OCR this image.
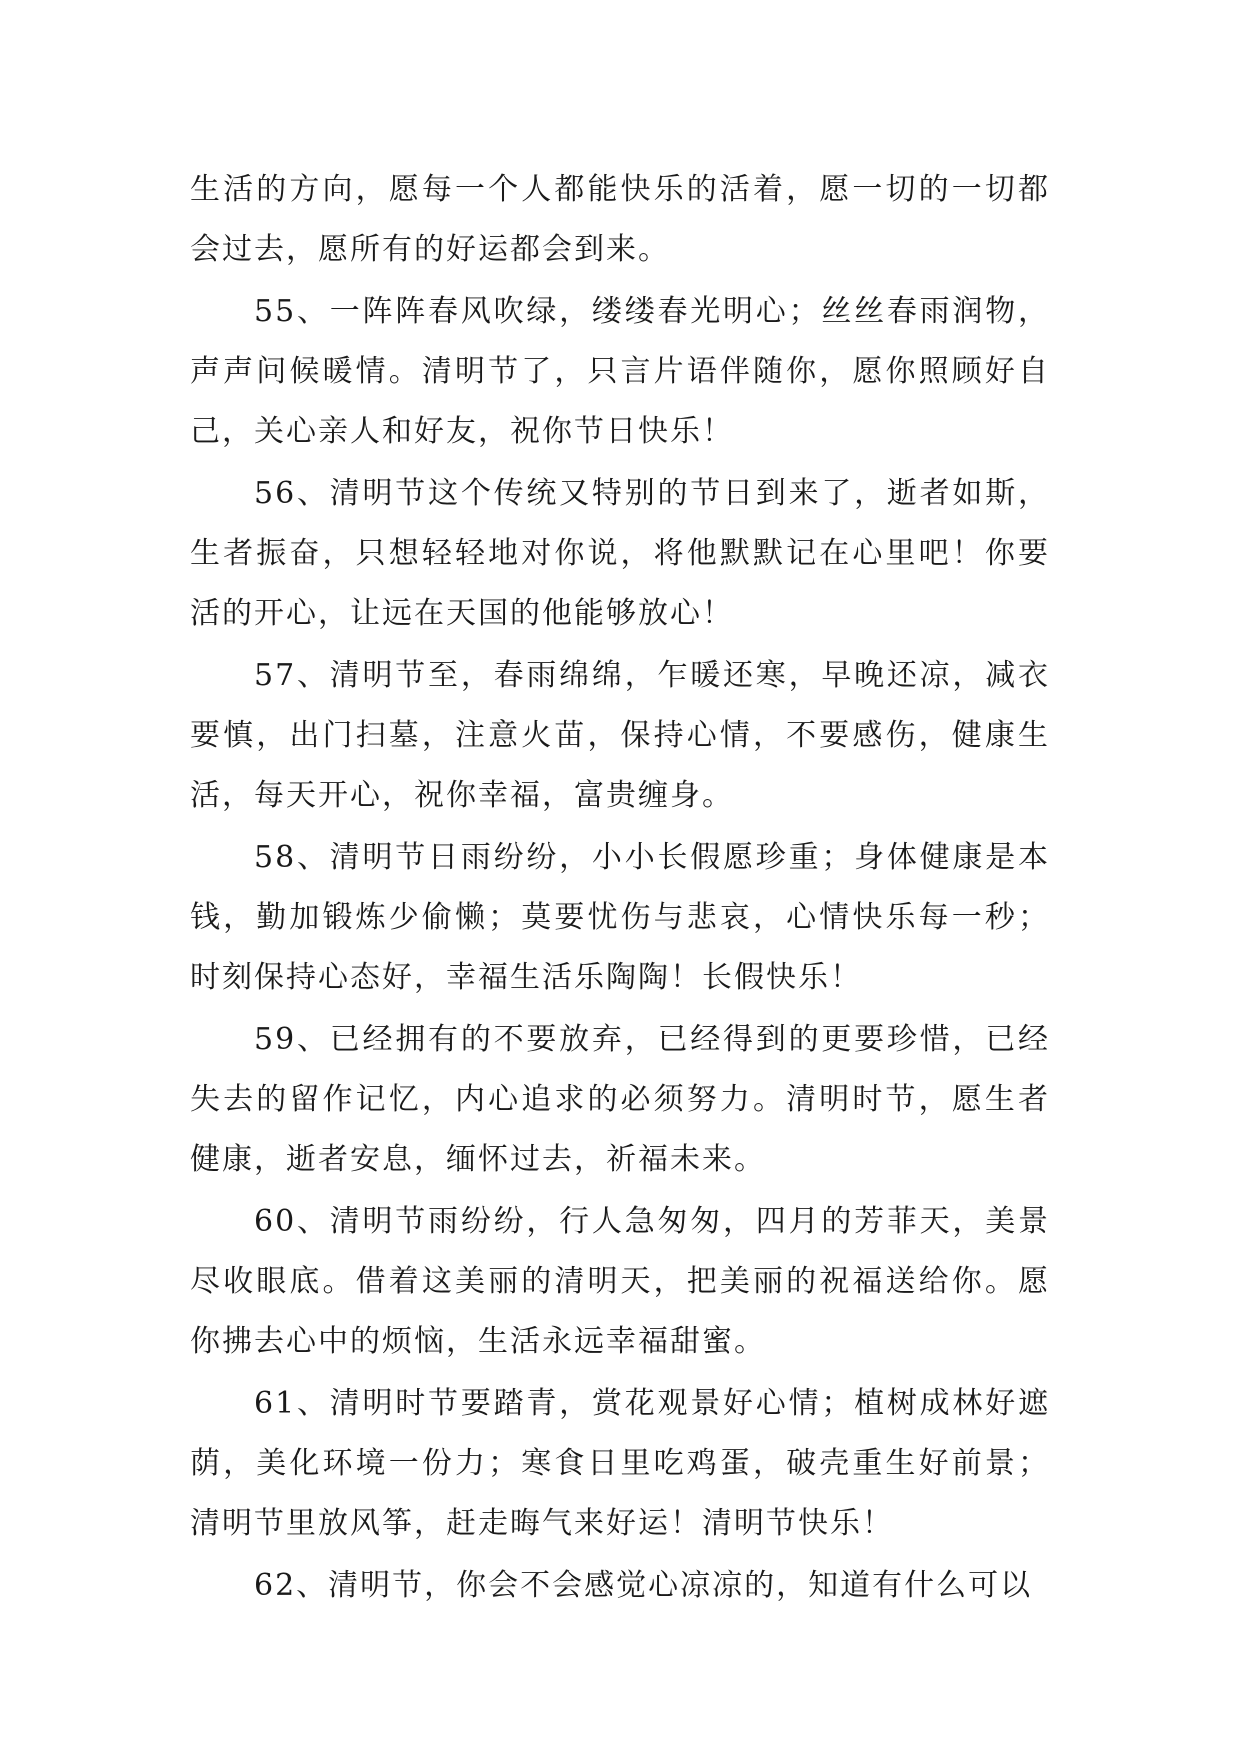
生活的方向，愿每一个人都能快乐的活着，愿一切的一切都会过去，愿所有的好运都会到来。

55、一阵阵春风吹绿，缕缕春光明心；丝丝春雨润物，声声问候暖情。清明节了，只言片语伴随你，愿你照顾好自己，关心亲人和好友，祝你节日快乐！

56、清明节这个传统又特别的节日到来了，逝者如斯，生者振奋，只想轻轻地对你说，将他默默记在心里吧！你要活的开心，让远在天国的他能够放心！

57、清明节至，春雨绵绵，乍暖还寒，早晚还凉，减衣要慎，出门扫墓，注意火苗，保持心情，不要感伤，健康生活，每天开心，祝你幸福，富贵缠身。

58、清明节日雨纷纷，小小长假愿珍重；身体健康是本钱，勤加锻炼少偷懒；莫要忧伤与悲哀，心情快乐每一秒；时刻保持心态好，幸福生活乐陶陶！长假快乐！

59、已经拥有的不要放弃，已经得到的更要珍惜，已经失去的留作记忆，内心追求的必须努力。清明时节，愿生者健康，逝者安息，缅怀过去，祈福未来。

60、清明节雨纷纷，行人急匆匆，四月的芳菲天，美景尽收眼底。借着这美丽的清明天，把美丽的祝福送给你。愿你拂去心中的烦恼，生活永远幸福甜蜜。

61、清明时节要踏青，赏花观景好心情；植树成林好遮荫，美化环境一份力；寒食日里吃鸡蛋，破壳重生好前景；清明节里放风筝，赶走晦气来好运！清明节快乐！

62、清明节，你会不会感觉心凉凉的，知道有什么可以
